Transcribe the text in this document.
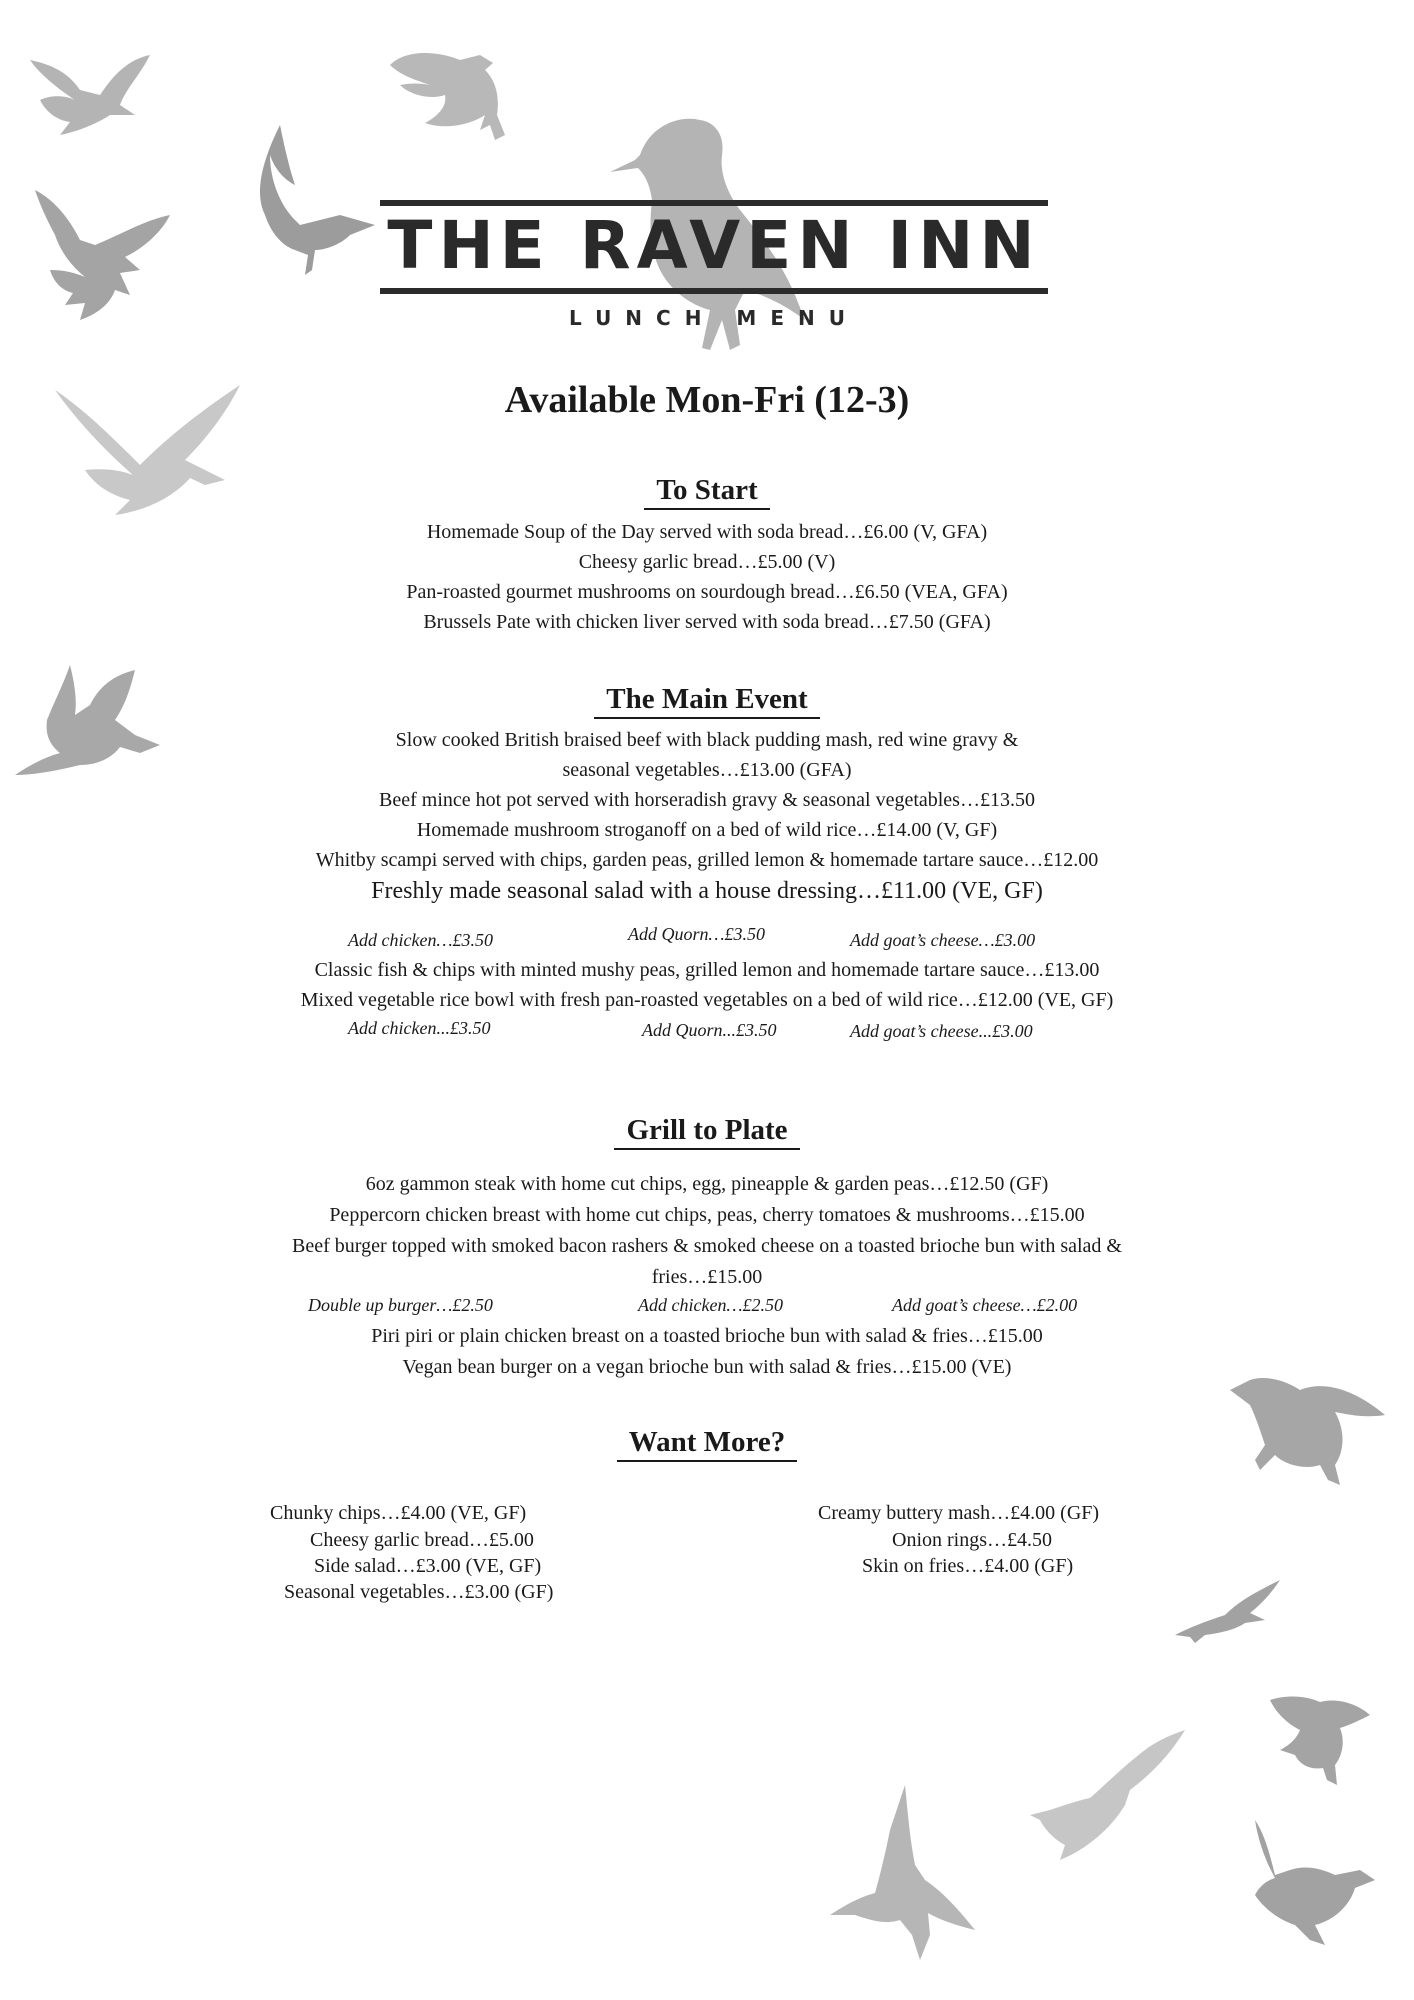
THE RAVEN INN
LUNCH MENU
Available Mon-Fri (12-3)
To Start
Homemade Soup of the Day served with soda bread…£6.00 (V, GFA)
Cheesy garlic bread…£5.00 (V)
Pan-roasted gourmet mushrooms on sourdough bread…£6.50 (VEA, GFA)
Brussels Pate with chicken liver served with soda bread…£7.50 (GFA)
The Main Event
Slow cooked British braised beef with black pudding mash, red wine gravy &
seasonal vegetables…£13.00 (GFA)
Beef mince hot pot served with horseradish gravy & seasonal vegetables…£13.50
Homemade mushroom stroganoff on a bed of wild rice…£14.00 (V, GF)
Whitby scampi served with chips, garden peas, grilled lemon & homemade tartare sauce…£12.00
Freshly made seasonal salad with a house dressing…£11.00 (VE, GF)
Add chicken…£3.50	Add Quorn…£3.50	Add goat’s cheese…£3.00
Classic fish & chips with minted mushy peas, grilled lemon and homemade tartare sauce…£13.00
Mixed vegetable rice bowl with fresh pan-roasted vegetables on a bed of wild rice…£12.00 (VE, GF)
Add chicken...£3.50	Add Quorn...£3.50	Add goat’s cheese...£3.00
Grill to Plate
6oz gammon steak with home cut chips, egg, pineapple & garden peas…£12.50 (GF)
Peppercorn chicken breast with home cut chips, peas, cherry tomatoes & mushrooms…£15.00
Beef burger topped with smoked bacon rashers & smoked cheese on a toasted brioche bun with salad &
fries…£15.00
Double up burger…£2.50	Add chicken…£2.50	Add goat’s cheese…£2.00
Piri piri or plain chicken breast on a toasted brioche bun with salad & fries…£15.00
Vegan bean burger on a vegan brioche bun with salad & fries…£15.00 (VE)
Want More?
Chunky chips…£4.00 (VE, GF)
Cheesy garlic bread…£5.00
Side salad…£3.00 (VE, GF)
Seasonal vegetables…£3.00 (GF)
Creamy buttery mash…£4.00 (GF)
Onion rings…£4.50
Skin on fries…£4.00 (GF)
